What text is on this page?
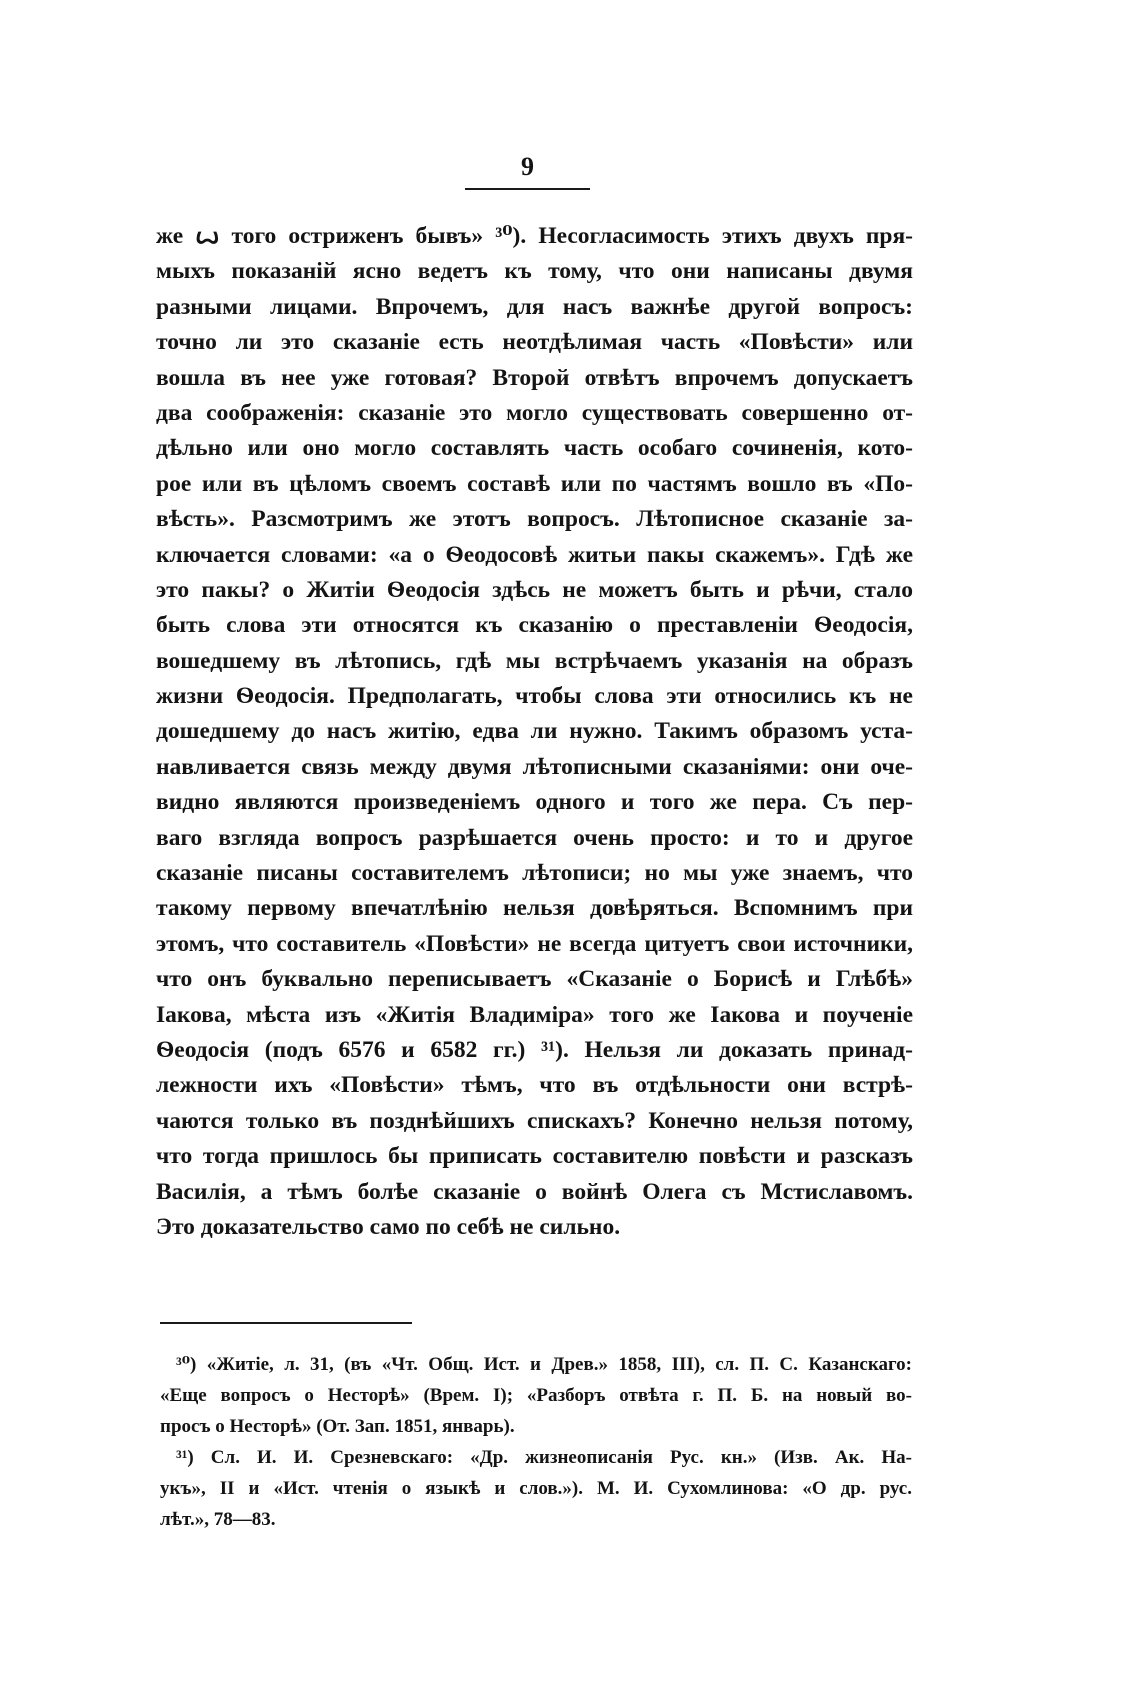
9
же ꙍ того остриженъ бывъ» ³⁰). Несогласимость этихъ двухъ пря-
мыхъ показаній ясно ведетъ къ тому, что они написаны двумя
разными лицами. Впрочемъ, для насъ важнѣе другой вопросъ:
точно ли это сказаніе есть неотдѣлимая часть «Повѣсти» или
вошла въ нее уже готовая? Второй отвѣтъ впрочемъ допускаетъ
два соображенія: сказаніе это могло существовать совершенно от-
дѣльно или оно могло составлять часть особаго сочиненія, кото-
рое или въ цѣломъ своемъ составѣ или по частямъ вошло въ «По-
вѣсть». Разсмотримъ же этотъ вопросъ. Лѣтописное сказаніе за-
ключается словами: «а о Ѳеодосовѣ житьи пакы скажемъ». Гдѣ же
это пакы? о Житіи Ѳеодосія здѣсь не можетъ быть и рѣчи, стало
быть слова эти относятся къ сказанію о преставленіи Ѳеодосія,
вошедшему въ лѣтопись, гдѣ мы встрѣчаемъ указанія на образъ
жизни Ѳеодосія. Предполагать, чтобы слова эти относились къ не
дошедшему до насъ житію, едва ли нужно. Такимъ образомъ уста-
навливается связь между двумя лѣтописными сказаніями: они оче-
видно являются произведеніемъ одного и того же пера. Съ пер-
ваго взгляда вопросъ разрѣшается очень просто: и то и другое
сказаніе писаны составителемъ лѣтописи; но мы уже знаемъ, что
такому первому впечатлѣнію нельзя довѣряться. Вспомнимъ при
этомъ, что составитель «Повѣсти» не всегда цитуетъ свои источники,
что онъ буквально переписываетъ «Сказаніе о Борисѣ и Глѣбѣ»
Іакова, мѣста изъ «Житія Владиміра» того же Іакова и поученіе
Ѳеодосія (подъ 6576 и 6582 гг.) ³¹). Нельзя ли доказать принад-
лежности ихъ «Повѣсти» тѣмъ, что въ отдѣльности они встрѣ-
чаются только въ позднѣйшихъ спискахъ? Конечно нельзя потому,
что тогда пришлось бы приписать составителю повѣсти и разсказъ
Василія, а тѣмъ болѣе сказаніе о войнѣ Олега съ Мстиславомъ.
Это доказательство само по себѣ не сильно.
³⁰) «Житіе, л. 31, (въ «Чт. Общ. Ист. и Древ.» 1858, III), сл. П. С. Казанскаго:
«Еще вопросъ о Несторѣ» (Врем. I); «Разборъ отвѣта г. П. Б. на новый во-
просъ о Несторѣ» (От. Зап. 1851, январь).
³¹) Сл. И. И. Срезневскаго: «Др. жизнеописанія Рус. кн.» (Изв. Ак. На-
укъ», II и «Ист. чтенія о языкѣ и слов.»). М. И. Сухомлинова: «О др. рус.
лѣт.», 78—83.
